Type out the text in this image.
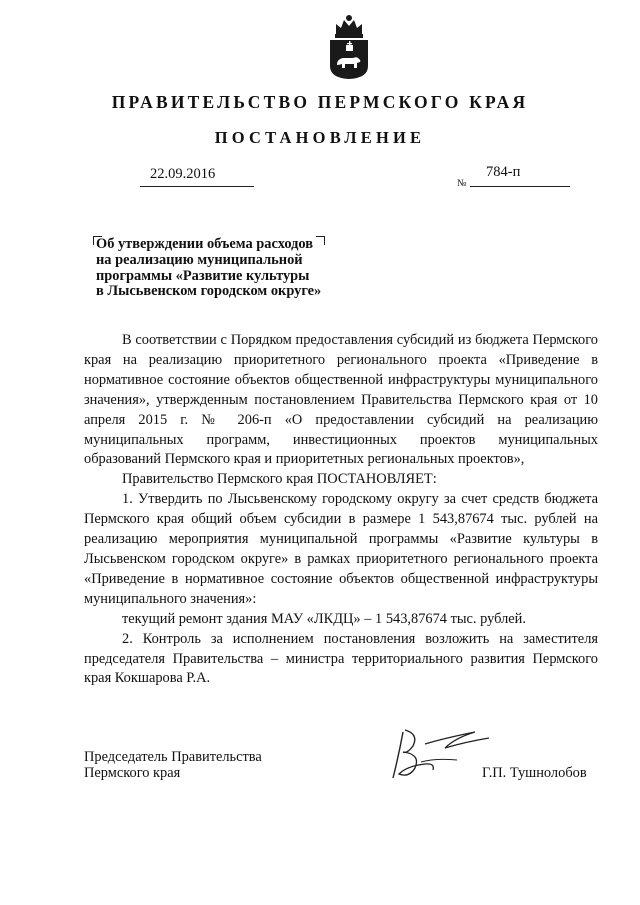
ПРАВИТЕЛЬСТВО ПЕРМСКОГО КРАЯ
ПОСТАНОВЛЕНИЕ
22.09.2016
№
784-п
Об утверждении объема расходов
на реализацию муниципальной
программы «Развитие культуры
в Лысьвенском городском округе»

В соответствии с Порядком предоставления субсидий из бюджета Пермского края на реализацию приоритетного регионального проекта «Приведение в нормативное состояние объектов общественной инфраструктуры муниципального значения», утвержденным постановлением Правительства Пермского края от 10 апреля 2015 г. № 206-п «О предоставлении субсидий на реализацию муниципальных программ, инвестиционных проектов муниципальных образований Пермского края и приоритетных региональных проектов»,

Правительство Пермского края ПОСТАНОВЛЯЕТ:

1. Утвердить по Лысьвенскому городскому округу за счет средств бюджета Пермского края общий объем субсидии в размере 1 543,87674 тыс. рублей на реализацию мероприятия муниципальной программы «Развитие культуры в Лысьвенском городском округе» в рамках приоритетного регионального проекта «Приведение в нормативное состояние объектов общественной инфраструктуры муниципального значения»:

текущий ремонт здания МАУ «ЛКДЦ» – 1 543,87674 тыс. рублей.

2. Контроль за исполнением постановления возложить на заместителя председателя Правительства – министра территориального развития Пермского края Кокшарова Р.А.

Председатель Правительства
Пермского края	Г.П. Тушнолобов
